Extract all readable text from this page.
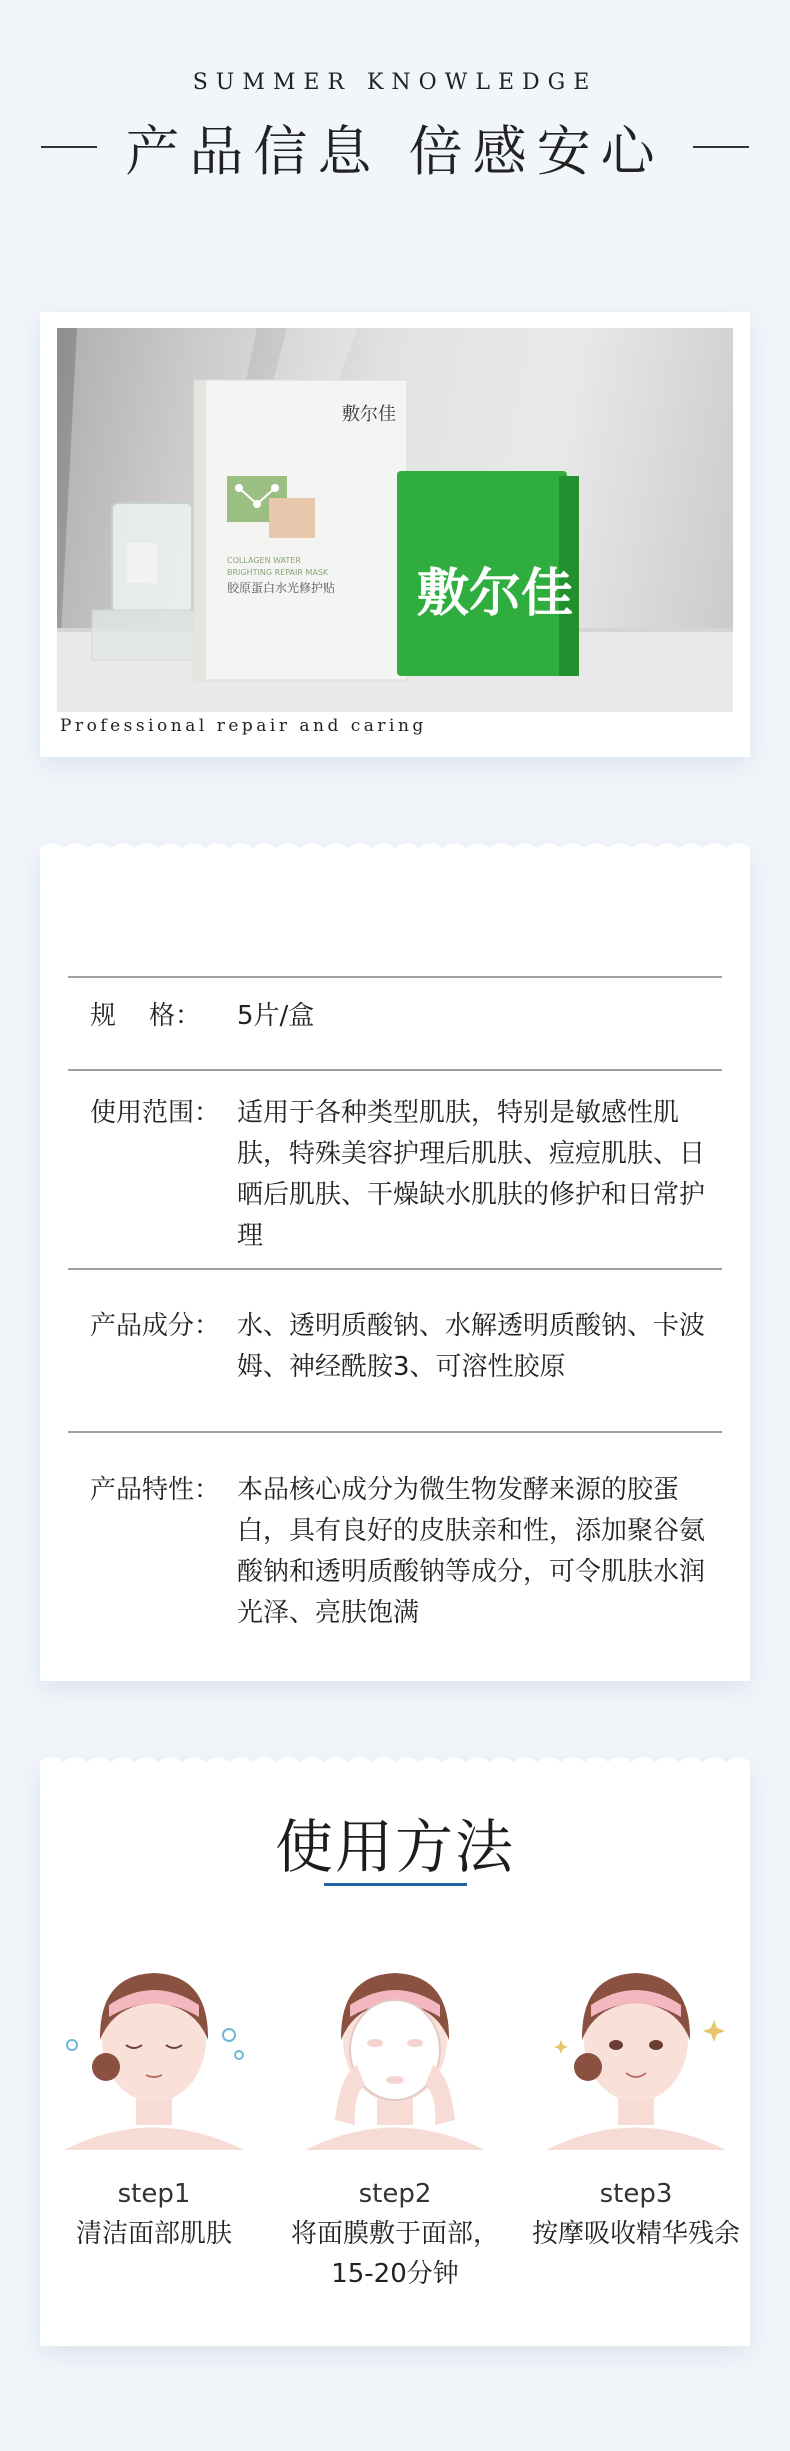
SUMMER KNOWLEDGE
产品信息 倍感安心
敷尔佳
COLLAGEN WATER
BRIGHTING REPAIR MASK
胶原蛋白水光修护贴 敷尔佳
Professional repair and caring
规    格： 5片/盒
使用范围： 适用于各种类型肌肤，特别是敏感性肌肤，特殊美容护理后肌肤、痘痘肌肤、日晒后肌肤、干燥缺水肌肤的修护和日常护理
产品成分： 水、透明质酸钠、水解透明质酸钠、卡波姆、神经酰胺3、可溶性胶原
产品特性： 本品核心成分为微生物发酵来源的胶蛋白，具有良好的皮肤亲和性，添加聚谷氨酸钠和透明质酸钠等成分，可令肌肤水润光泽、亮肤饱满
使用方法
step1
清洁面部肌肤
step2
将面膜敷于面部，15-20分钟
step3
按摩吸收精华残余
